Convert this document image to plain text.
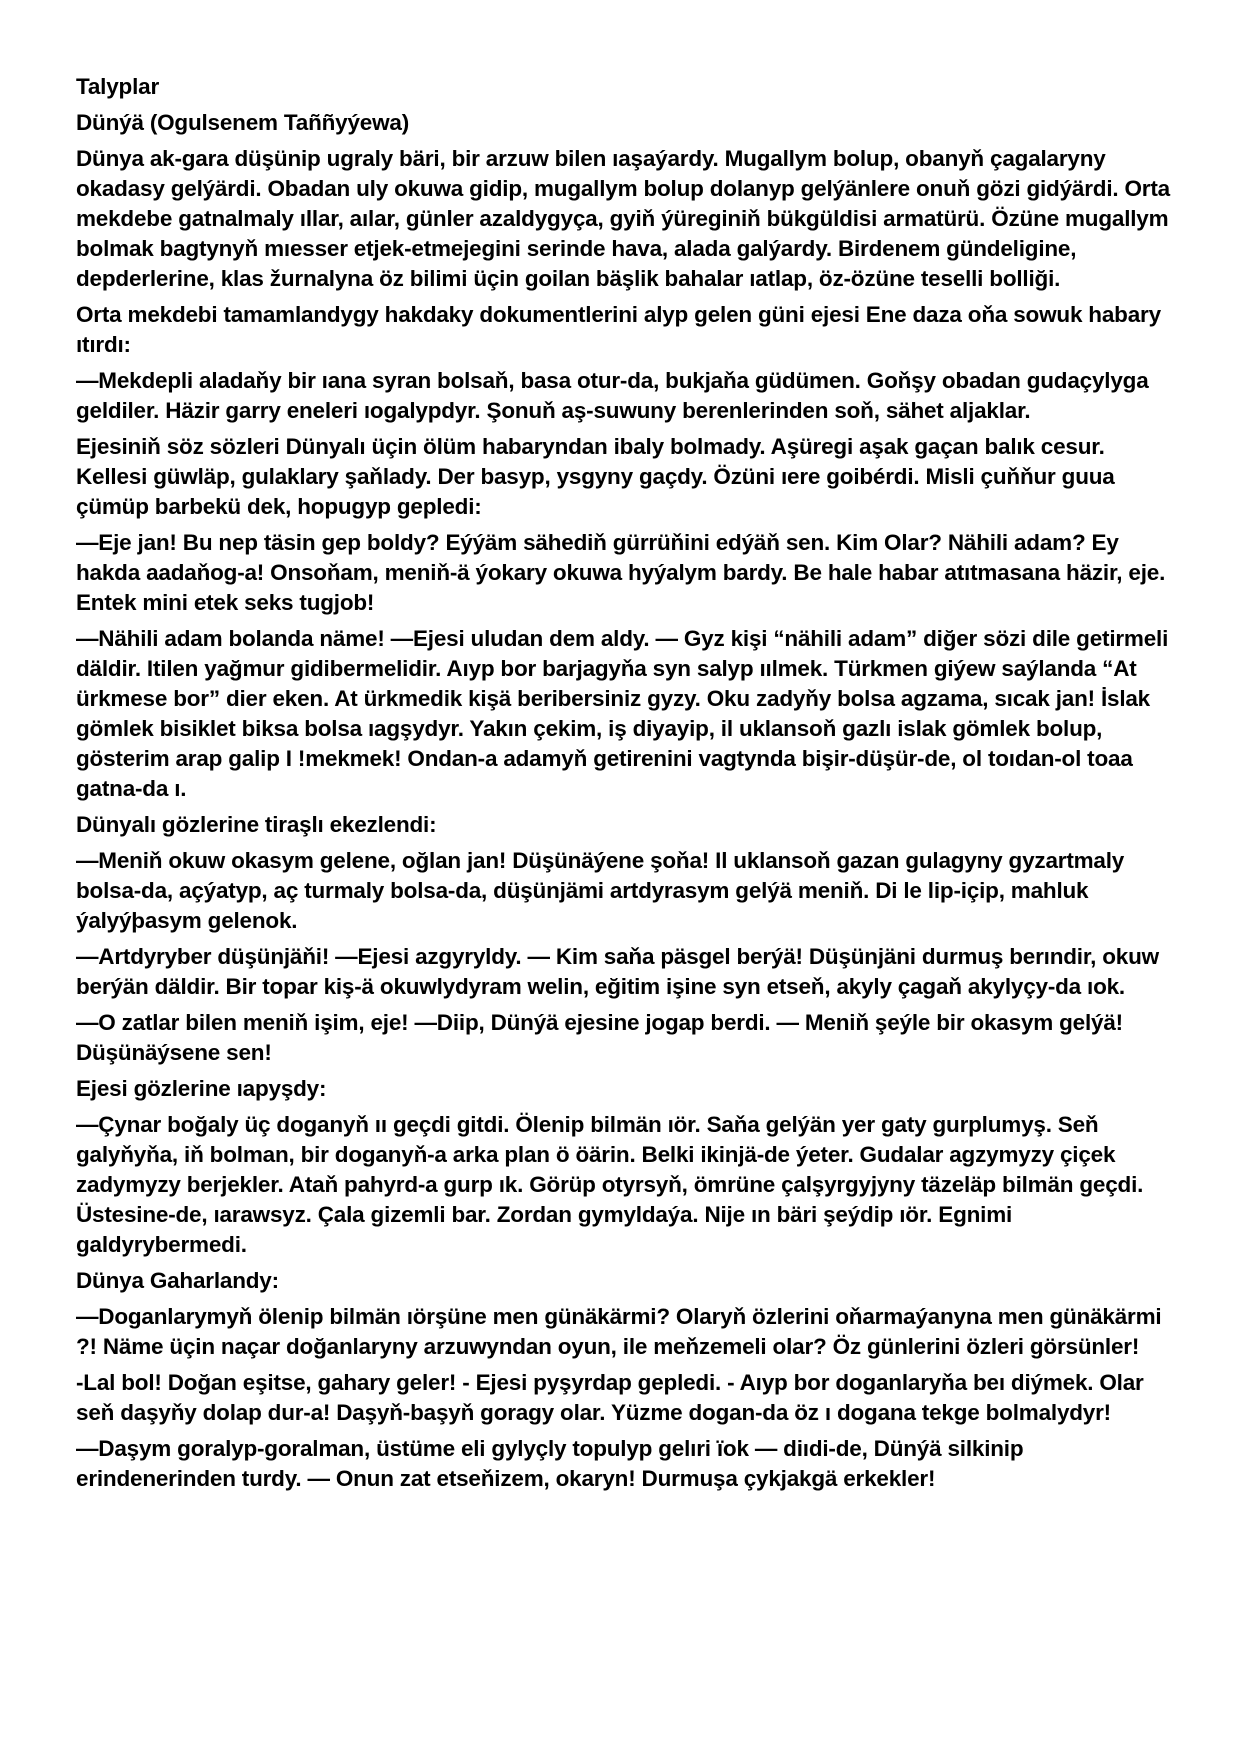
Talyplar
Dünýä (Ogulsenem Taññyýewa)
Dünya ak-gara düşünip ugraly bäri, bir arzuw bilen ıaşaýardy. Mugallym bolup, obanyň çagalaryny okadasy gelýärdi. Obadan uly okuwa gidip, mugallym bolup dolanyp gelýänlere onuň gözi gidýärdi. Orta mekdebe gatnalmaly ıllar, aılar, günler azaldygyça, gyiň ýüreginiň bükgüldisi armatürü. Özüne mugallym bolmak bagtynyň mıesser etjek-etmejegini serinde hava, alada galýardy. Birdenem gündeligine, depderlerine, klas žurnalyna öz bilimi üçin goilan bäşlik bahalar ıatlap, öz-özüne teselli bolliği.
Orta mekdebi tamamlandygy hakdaky dokumentlerini alyp gelen güni ejesi Ene daza oňa sowuk habary ıtırdı:
—Mekdepli aladaňy bir ıana syran bolsaň, basa otur-da, bukjaňa güdümen. Goňşy obadan gudaçylyga geldiler. Häzir garry eneleri ıogalypdyr. Şonuň aş-suwuny berenlerinden soň, sähet aljaklar.
Ejesiniň söz sözleri Dünyalı üçin ölüm habaryndan ibaly bolmady. Aşüregi aşak gaçan balık cesur. Kellesi güwläp, gulaklary şaňlady. Der basyp, ysgyny gaçdy. Özüni ıere goibérdi. Misli çuňňur guua çümüp barbekü dek, hopugyp gepledi:
—Eje jan! Bu nep täsin gep boldy? Eýýäm sähediň gürrüňini edýäň sen. Kim Olar? Nähili adam? Ey hakda aadaňog-a! Onsoňam, meniň-ä ýokary okuwa hyýalym bardy. Be hale habar atıtmasana häzir, eje. Entek mini etek seks tugjob!
—Nähili adam bolanda näme! —Ejesi uludan dem aldy. — Gyz kişi “nähili adam” diğer sözi dile getirmeli däldir. Itilen yağmur gidibermelidir. Aıyp bor barjagyňa syn salyp ıılmek. Türkmen giýew saýlanda “At ürkmese bor” dier eken. At ürkmedik kişä beribersiniz gyzy. Oku zadyňy bolsa agzama, sıcak jan! İslak gömlek bisiklet biksa bolsa ıagşydyr. Yakın çekim, iş diyayip, il uklansoň gazlı islak gömlek bolup, gösterim arap galip I !mekmek! Ondan-a adamyň getirenini vagtynda bişir-düşür-de, ol toıdan-ol toaa gatna-da ı.
Dünyalı gözlerine tiraşlı ekezlendi:
—Meniň okuw okasym gelene, oğlan jan! Düşünäýene şoňa! Il uklansoň gazan gulagyny gyzartmaly bolsa-da, açýatyp, aç turmaly bolsa-da, düşünjämi artdyrasym gelýä meniň. Di le lip-içip, mahluk ýalyýþasym gelenok.
—Artdyryber düşünjäňi! —Ejesi azgyryldy. — Kim saňa päsgel berýä! Düşünjäni durmuş berındir, okuw berýän däldir. Bir topar kiş-ä okuwlydyram welin, eğitim işine syn etseň, akyly çagaň akylyçy-da ıok.
—O zatlar bilen meniň işim, eje! —Diip, Dünýä ejesine jogap berdi. — Meniň şeýle bir okasym gelýä! Düşünäýsene sen!
Ejesi gözlerine ıapyşdy:
—Çynar boğaly üç doganyň ıı geçdi gitdi. Ölenip bilmän ıör. Saňa gelýän yer gaty gurplumyş. Seň galyňyňa, iň bolman, bir doganyň-a arka plan ö öärin. Belki ikinjä-de ýeter. Gudalar agzymyzy çiçek zadymyzy berjekler. Ataň pahyrd-a gurp ık. Görüp otyrsyň, ömrüne çalşyrgyjyny täzeläp bilmän geçdi. Üstesine-de, ıarawsyz. Çala gizemli bar. Zordan gymyldaýa. Nije ın bäri şeýdip ıör. Egnimi galdyrybermedi.
Dünya Gaharlandy:
—Doganlarymyň ölenip bilmän ıörşüne men günäkärmi? Olaryň özlerini oňarmaýanyna men günäkärmi ?! Näme üçin naçar doğanlaryny arzuwyndan oyun, ile meňzemeli olar? Öz günlerini özleri görsünler!
-Lal bol! Doğan eşitse, gahary geler! - Ejesi pyşyrdap gepledi. - Aıyp bor doganlaryňa beı diýmek. Olar seň daşyňy dolap dur-a! Daşyň-başyň goragy olar. Yüzme dogan-da öz ı dogana tekge bolmalydyr!
—Daşym goralyp-goralman, üstüme eli gylyçly topulyp gelıri ïok — diıdi-de, Dünýä silkinip erindenerinden turdy. — Onun zat etseňizem, okaryn! Durmuşa çykjakgä erkekler!
